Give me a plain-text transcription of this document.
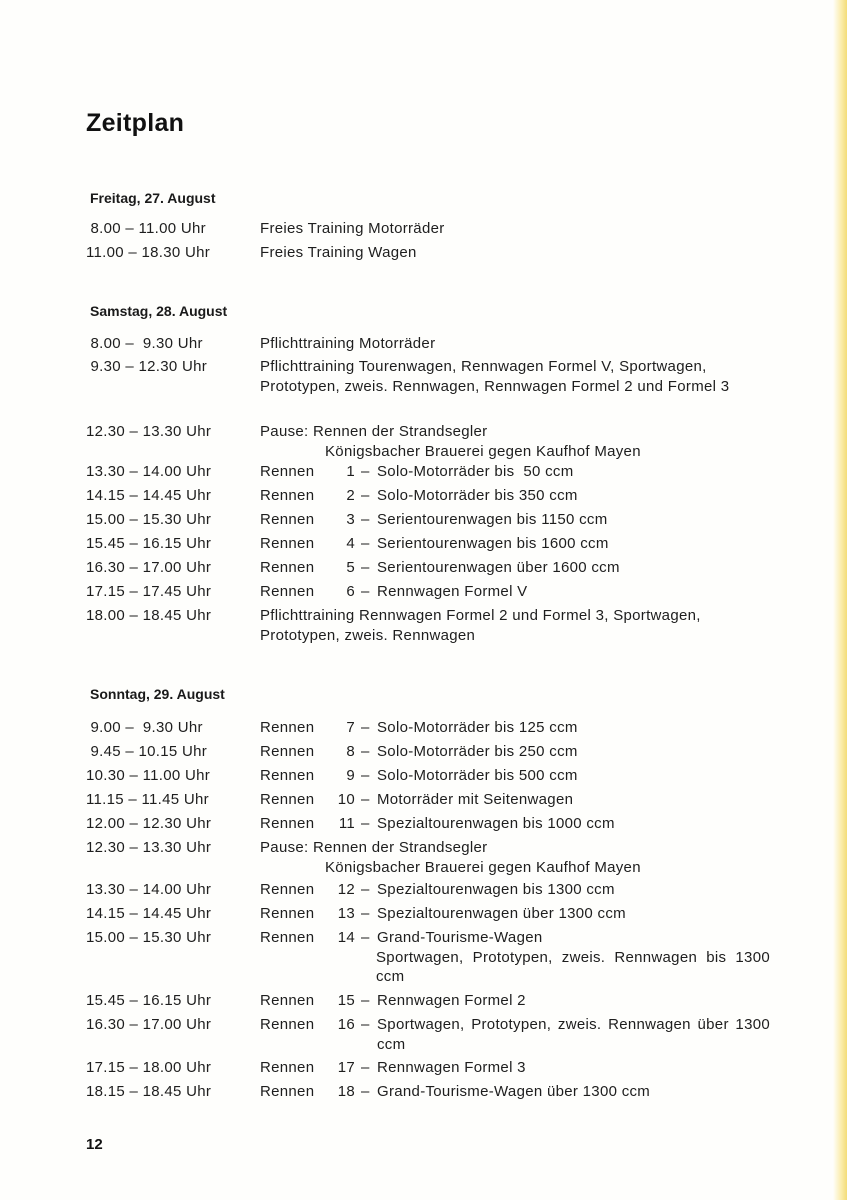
Zeitplan
Freitag, 27. August
8.00 – 11.00 Uhr	Freies Training Motorräder
11.00 – 18.30 Uhr	Freies Training Wagen
Samstag, 28. August
8.00 –  9.30 Uhr	Pflichttraining Motorräder
9.30 – 12.30 Uhr	Pflichttraining Tourenwagen, Rennwagen Formel V, Sportwagen, Prototypen, zweis. Rennwagen, Rennwagen Formel 2 und Formel 3
12.30 – 13.30 Uhr	Pause: Rennen der Strandsegler
Königsbacher Brauerei gegen Kaufhof Mayen
13.30 – 14.00 Uhr	Rennen 1 – Solo-Motorräder bis  50 ccm
14.15 – 14.45 Uhr	Rennen 2 – Solo-Motorräder bis 350 ccm
15.00 – 15.30 Uhr	Rennen 3 – Serientourenwagen bis 1150 ccm
15.45 – 16.15 Uhr	Rennen 4 – Serientourenwagen bis 1600 ccm
16.30 – 17.00 Uhr	Rennen 5 – Serientourenwagen über 1600 ccm
17.15 – 17.45 Uhr	Rennen 6 – Rennwagen Formel V
18.00 – 18.45 Uhr	Pflichttraining Rennwagen Formel 2 und Formel 3, Sportwagen, Prototypen, zweis. Rennwagen
Sonntag, 29. August
9.00 –  9.30 Uhr	Rennen 7 – Solo-Motorräder bis 125 ccm
9.45 – 10.15 Uhr	Rennen 8 – Solo-Motorräder bis 250 ccm
10.30 – 11.00 Uhr	Rennen 9 – Solo-Motorräder bis 500 ccm
11.15 – 11.45 Uhr	Rennen 10 – Motorräder mit Seitenwagen
12.00 – 12.30 Uhr	Rennen 11 – Spezialtourenwagen bis 1000 ccm
12.30 – 13.30 Uhr	Pause: Rennen der Strandsegler
Königsbacher Brauerei gegen Kaufhof Mayen
13.30 – 14.00 Uhr	Rennen 12 – Spezialtourenwagen bis 1300 ccm
14.15 – 14.45 Uhr	Rennen 13 – Spezialtourenwagen über 1300 ccm
15.00 – 15.30 Uhr	Rennen 14 – Grand-Tourisme-Wagen
Sportwagen, Prototypen, zweis. Rennwagen bis 1300 ccm
15.45 – 16.15 Uhr	Rennen 15 – Rennwagen Formel 2
16.30 – 17.00 Uhr	Rennen 16 – Sportwagen, Prototypen, zweis. Rennwagen über 1300 ccm
17.15 – 18.00 Uhr	Rennen 17 – Rennwagen Formel 3
18.15 – 18.45 Uhr	Rennen 18 – Grand-Tourisme-Wagen über 1300 ccm
12
